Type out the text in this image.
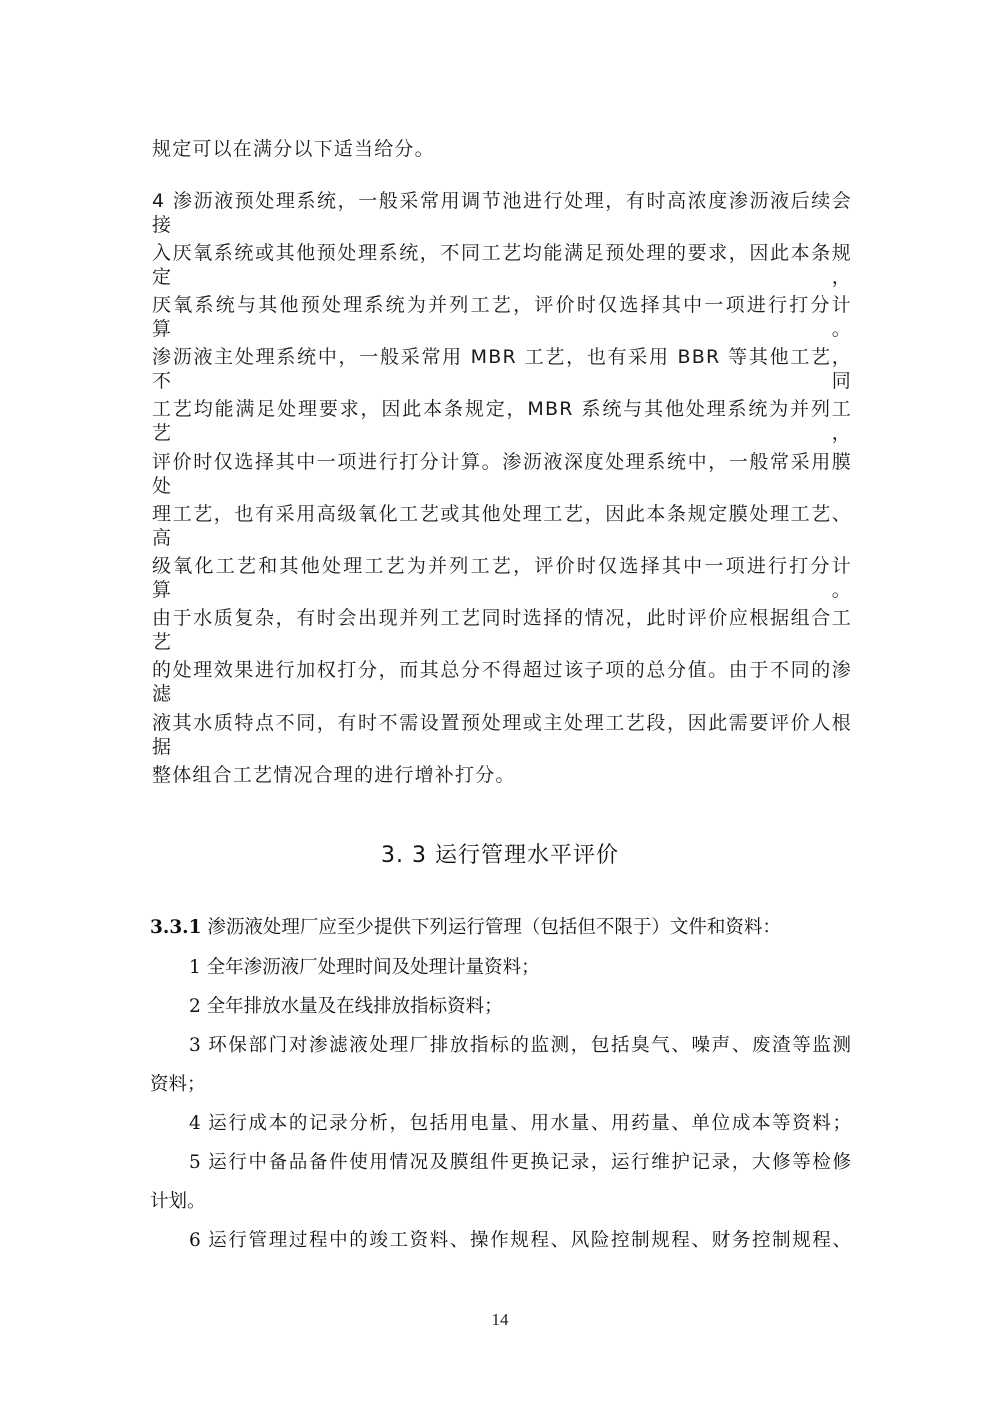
规定可以在满分以下适当给分。
4 渗沥液预处理系统，一般采常用调节池进行处理，有时高浓度渗沥液后续会接
入厌氧系统或其他预处理系统，不同工艺均能满足预处理的要求，因此本条规定，
厌氧系统与其他预处理系统为并列工艺，评价时仅选择其中一项进行打分计算。
渗沥液主处理系统中，一般采常用 MBR 工艺，也有采用 BBR 等其他工艺，不同
工艺均能满足处理要求，因此本条规定，MBR 系统与其他处理系统为并列工艺，
评价时仅选择其中一项进行打分计算。渗沥液深度处理系统中，一般常采用膜处
理工艺，也有采用高级氧化工艺或其他处理工艺，因此本条规定膜处理工艺、高
级氧化工艺和其他处理工艺为并列工艺，评价时仅选择其中一项进行打分计算。
由于水质复杂，有时会出现并列工艺同时选择的情况，此时评价应根据组合工艺
的处理效果进行加权打分，而其总分不得超过该子项的总分值。由于不同的渗滤
液其水质特点不同，有时不需设置预处理或主处理工艺段，因此需要评价人根据
整体组合工艺情况合理的进行增补打分。
3. 3 运行管理水平评价
3.3.1 渗沥液处理厂应至少提供下列运行管理（包括但不限于）文件和资料：
1 全年渗沥液厂处理时间及处理计量资料；
2 全年排放水量及在线排放指标资料；
3 环保部门对渗滤液处理厂排放指标的监测，包括臭气、噪声、废渣等监测
资料；
4 运行成本的记录分析，包括用电量、用水量、用药量、单位成本等资料；
5 运行中备品备件使用情况及膜组件更换记录，运行维护记录，大修等检修
计划。
6 运行管理过程中的竣工资料、操作规程、风险控制规程、财务控制规程、
14
